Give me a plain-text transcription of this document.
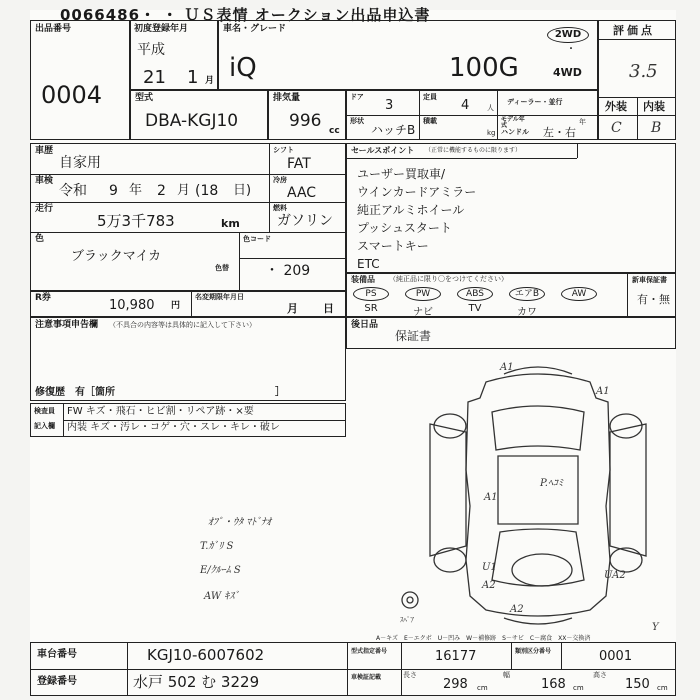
0066486・ ・ ＵＳ表情 オークション出品申込書
出品番号
0004
初度登録年月
平成
21 1 月
車名・グレード
iQ	100G
2WD
・
4WD
評価点
3.5
外装 内装
C B
型式
DBA-KGJ10
排気量
996 cc
ドア
3
定員
4	人
ディーラー・並行
形状
ハッチB
積載
kg
モデル年式	年
ハンドル 左・右
車歴
自家用
シフト
FAT
車検
令和 9 年 2 月 (18 日)
冷房
AAC
走行
5万3千783	km
燃料
ガソリン
色
ブラックマイカ
色替
色コード
・ 209
R券	10,980 円
名変期限年月日
月 日
注意事項申告欄 （不具合の内容等は具体的に記入して下さい）
修復歴　有［箇所　　　　　　　　　　　　　　　　］
セールスポイント （正常に機能するものに限ります）
ユーザー買取車/
ウインカードアミラー
純正アルミホイール
プッシュスタート
スマートキー
ETC
装備品 （純正品に限り〇をつけてください）	新車保証書
有・無
PS
SR
PW
ナビ
ABS
TV
エアB
カワ
AW
後日品
保証書
検査員
記入欄
FW キズ・飛石・ヒビ割・リペア跡・×要
内装 キズ・汚レ・コゲ・穴・スレ・キレ・破レ
ｵﾌﾟ・ｳﾀ ﾏﾄﾞﾅｵ
T.ｶﾞﾘ S
E/ｸﾙｰﾑ S
AW ｷｽﾞ
A1
A1
A1
P.ﾍｺﾐ
U1
A2
UA2
A2
ｽﾍﾟｱ
Y
A－キズ　E－エクボ　U－凹み　W－補修跡　S－サビ　C－腐食　XX－交換済
車台番号	KGJ10-6007602
登録番号	水戸 502 む 3229
型式指定番号	16177	類別区分番号	0001
車検証記載	長さ
298 cm
幅
168 cm
高さ
150 cm
